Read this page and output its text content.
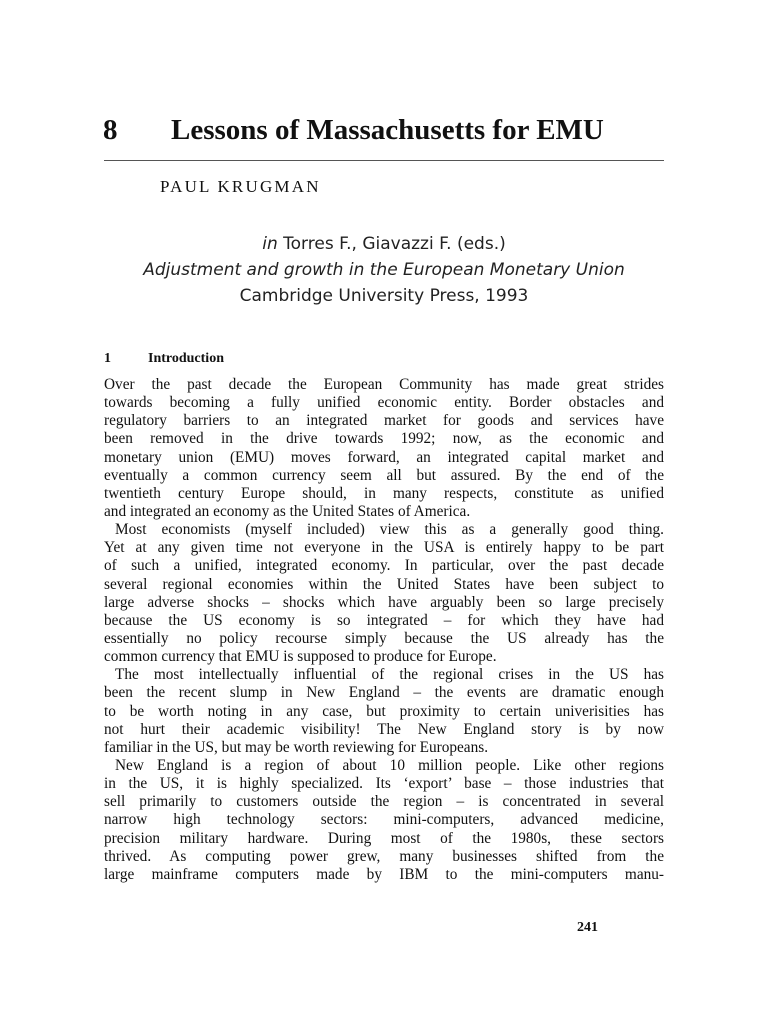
8 Lessons of Massachusetts for EMU
PAUL KRUGMAN
in Torres F., Giavazzi F. (eds.)
Adjustment and growth in the European Monetary Union
Cambridge University Press, 1993
1	Introduction
Over the past decade the European Community has made great strides
towards becoming a fully unified economic entity. Border obstacles and
regulatory barriers to an integrated market for goods and services have
been removed in the drive towards 1992; now, as the economic and
monetary union (EMU) moves forward, an integrated capital market and
eventually a common currency seem all but assured. By the end of the
twentieth century Europe should, in many respects, constitute as unified
and integrated an economy as the United States of America.
Most economists (myself included) view this as a generally good thing.
Yet at any given time not everyone in the USA is entirely happy to be part
of such a unified, integrated economy. In particular, over the past decade
several regional economies within the United States have been subject to
large adverse shocks – shocks which have arguably been so large precisely
because the US economy is so integrated – for which they have had
essentially no policy recourse simply because the US already has the
common currency that EMU is supposed to produce for Europe.
The most intellectually influential of the regional crises in the US has
been the recent slump in New England – the events are dramatic enough
to be worth noting in any case, but proximity to certain univerisities has
not hurt their academic visibility! The New England story is by now
familiar in the US, but may be worth reviewing for Europeans.
New England is a region of about 10 million people. Like other regions
in the US, it is highly specialized. Its ‘export’ base – those industries that
sell primarily to customers outside the region – is concentrated in several
narrow high technology sectors: mini-computers, advanced medicine,
precision military hardware. During most of the 1980s, these sectors
thrived. As computing power grew, many businesses shifted from the
large mainframe computers made by IBM to the mini-computers manu-
241
